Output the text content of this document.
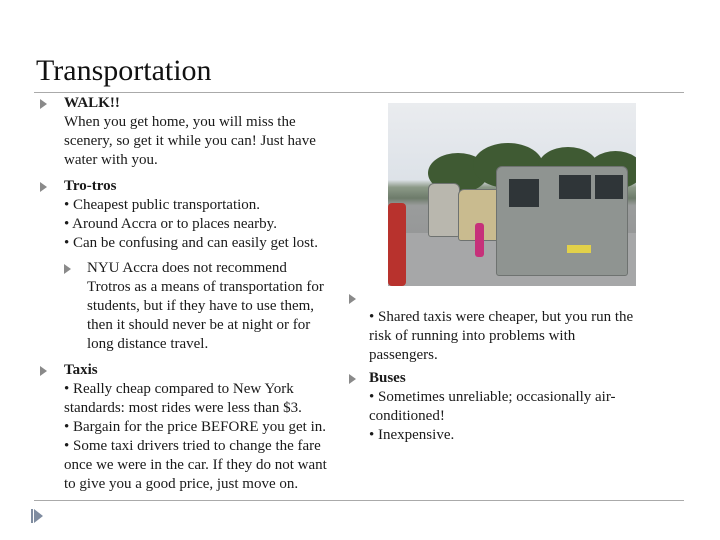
Transportation
WALK!!
When you get home, you will miss the
scenery, so get it while you can! Just have
water with you.
Tro-tros
• Cheapest public transportation.
• Around Accra or to places nearby.
• Can be confusing and can easily get lost.
NYU Accra does not recommend
Trotros as a means of transportation for
students, but if they have to use them,
then it should never be at night or for
long distance travel.
Taxis
• Really cheap compared to New York
standards: most rides were less than $3.
• Bargain for the price BEFORE you get in.
• Some taxi drivers tried to change the fare
once we were in the car. If they do not want
to give you a good price, just move on.
• Shared taxis were cheaper, but you run the
risk of running into problems with
passengers.
Buses
• Sometimes unreliable; occasionally air-
conditioned!
• Inexpensive.
